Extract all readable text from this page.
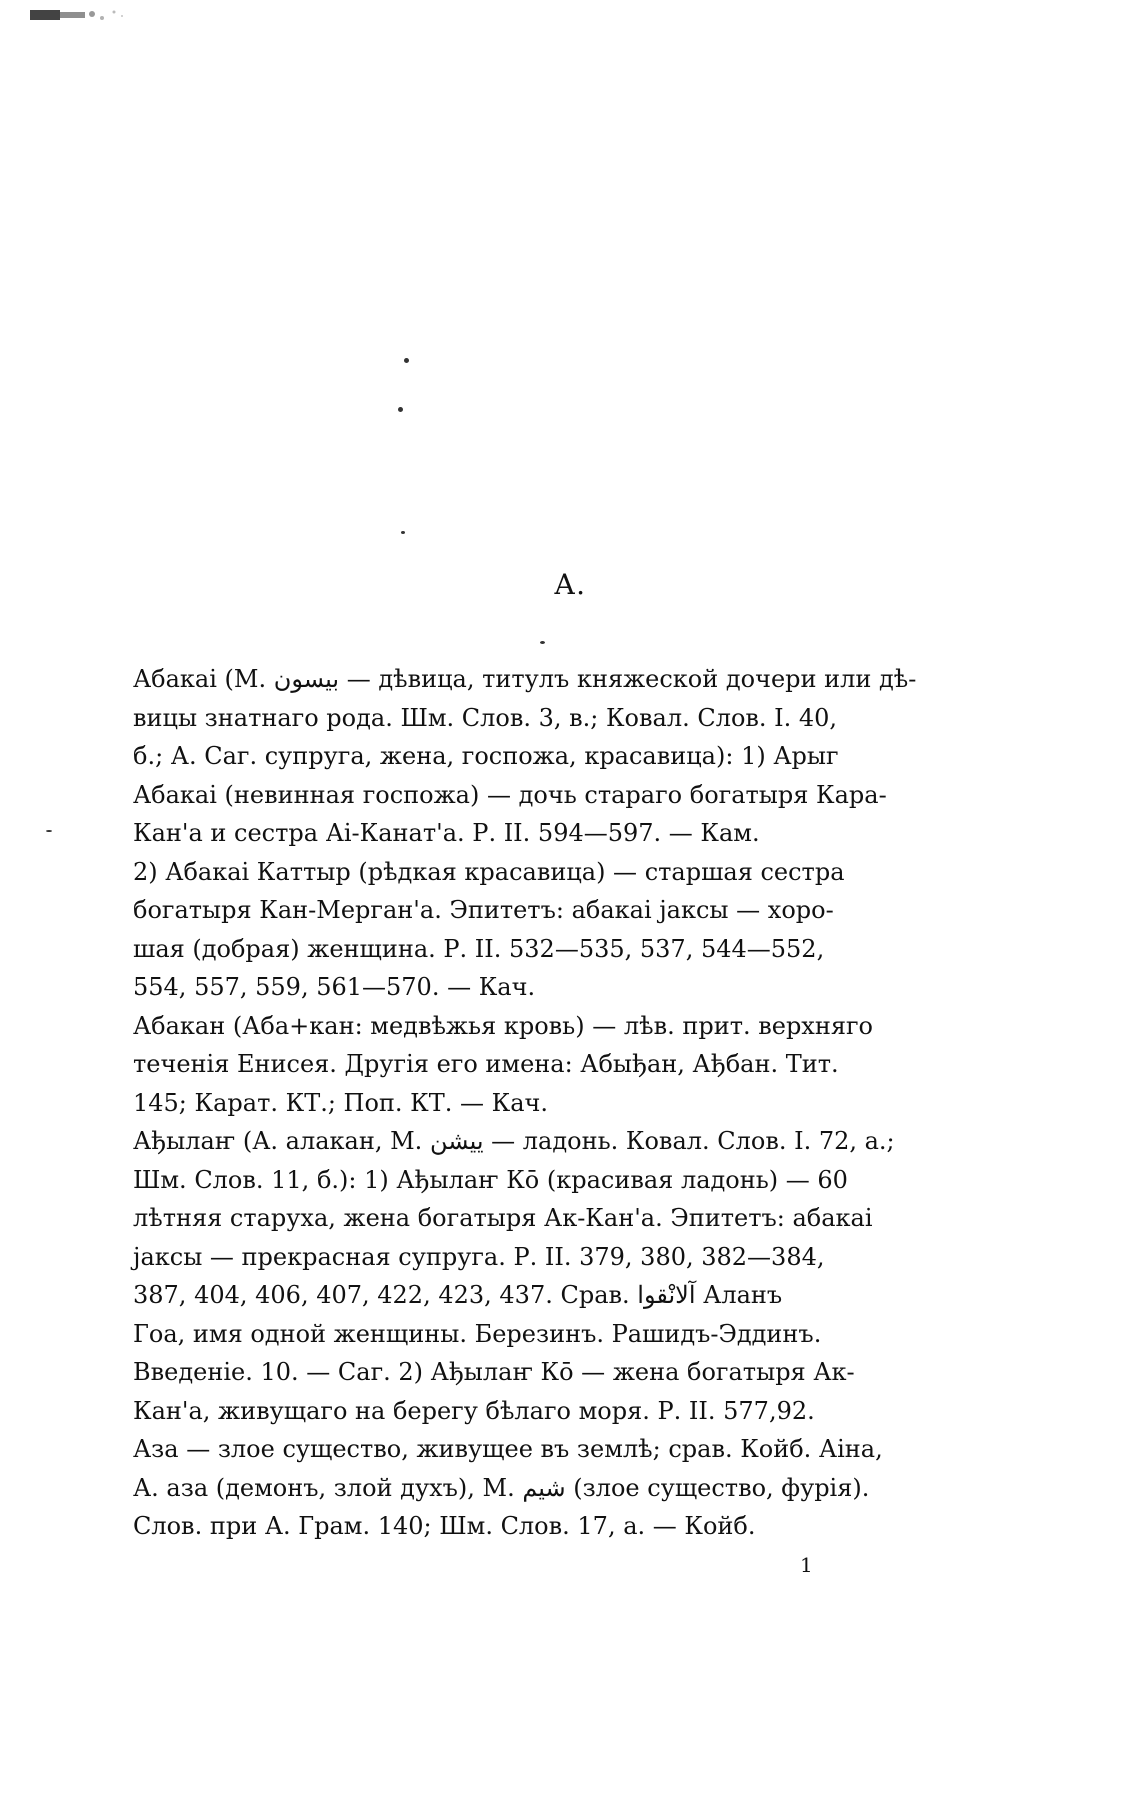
А.

Абакаі (М. ﺑﻴﺴﻮﻥ — дѣвица, титулъ княжеской дочери или дѣ-
вицы знатнаго рода. Шм. Слов. 3, в.; Ковал. Слов. І. 40,
б.; А. Саг. супруга, жена, госпожа, красавица): 1) Арыг
Абакаі (невинная госпожа) — дочь стараго богатыря Кара-
Кан'а и сестра Аі-Канат'а. Р. II. 594—597. — Кам.
2) Абакаі Каттыр (рѣдкая красавица) — старшая сестра
богатыря Кан-Мерган'а. Эпитетъ: абакаі јаксы — хоро-
шая (добрая) женщина. Р. II. 532—535, 537, 544—552,
554, 557, 559, 561—570. — Кач.

Абакан (Аба+кан: медвѣжья кровь) — лѣв. прит. верхняго
теченія Енисея. Другія его имена: Абыђан, Ађбан. Тит.
145; Карат. КТ.; Поп. КТ. — Кач.

Ађылаҥ (А. алакан, М. ﻳﻴﺸﻦ — ладонь. Ковал. Слов. І. 72, а.;
Шм. Слов. 11, б.): 1) Ађылаҥ Кō (красивая ладонь) — 60
лѣтняя старуха, жена богатыря Ак-Кан'а. Эпитетъ: абакаі
јаксы — прекрасная супруга. Р. II. 379, 380, 382—384,
387, 404, 406, 407, 422, 423, 437. Срав. آلانْقوا Аланъ
Гоа, имя одной женщины. Березинъ. Рашидъ-Эддинъ.
Введеніе. 10. — Саг. 2) Ађылаҥ Кō — жена богатыря Ак-
Кан'а, живущаго на берегу бѣлаго моря. Р. II. 577,92.

Аза — злое существо, живущее въ землѣ; срав. Койб. Аіна,
А. аза (демонъ, злой духъ), М. ﺷﻴﻢ (злое существо, фурія).
Слов. при А. Грам. 140; Шм. Слов. 17, а. — Койб.

1
